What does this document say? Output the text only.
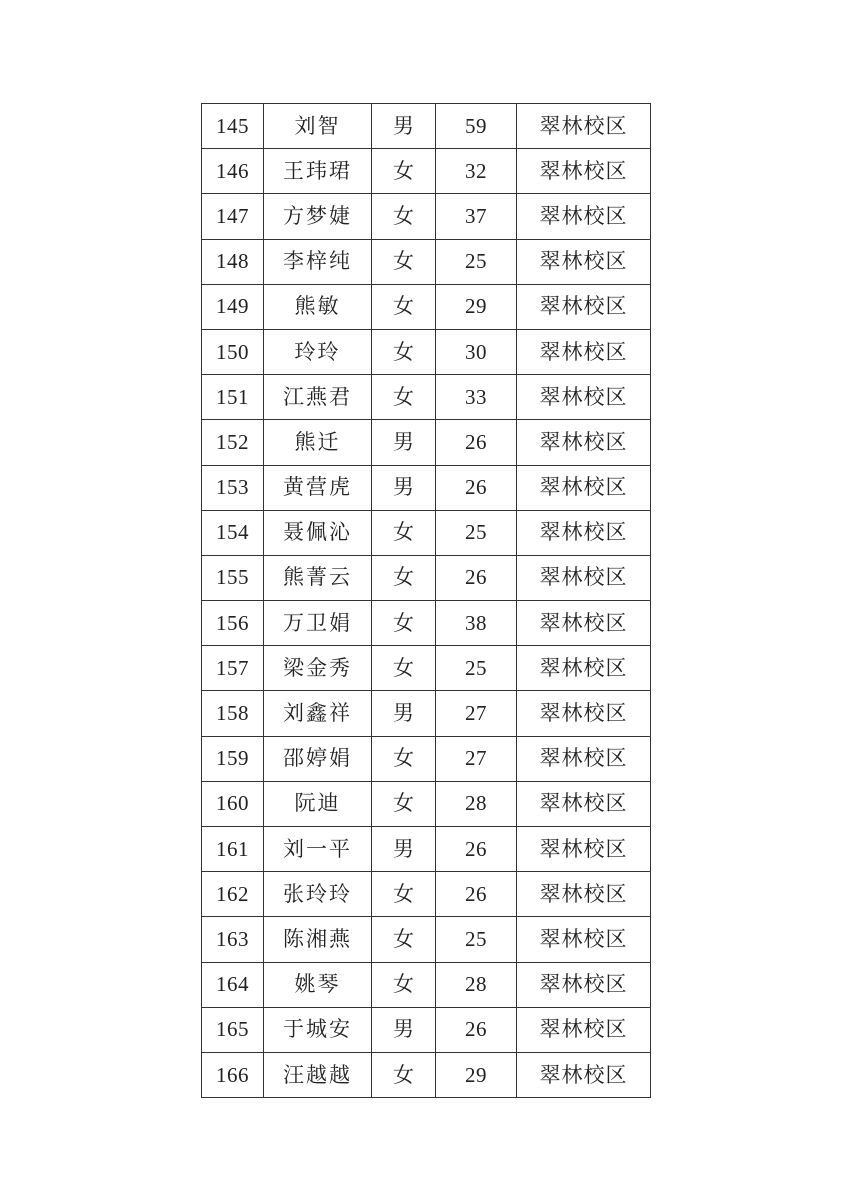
145	刘智	男	59	翠林校区
146	王玮珺	女	32	翠林校区
147	方梦婕	女	37	翠林校区
148	李梓纯	女	25	翠林校区
149	熊敏	女	29	翠林校区
150	玲玲	女	30	翠林校区
151	江燕君	女	33	翠林校区
152	熊迁	男	26	翠林校区
153	黄营虎	男	26	翠林校区
154	聂佩沁	女	25	翠林校区
155	熊菁云	女	26	翠林校区
156	万卫娟	女	38	翠林校区
157	梁金秀	女	25	翠林校区
158	刘鑫祥	男	27	翠林校区
159	邵婷娟	女	27	翠林校区
160	阮迪	女	28	翠林校区
161	刘一平	男	26	翠林校区
162	张玲玲	女	26	翠林校区
163	陈湘燕	女	25	翠林校区
164	姚琴	女	28	翠林校区
165	于城安	男	26	翠林校区
166	汪越越	女	29	翠林校区
